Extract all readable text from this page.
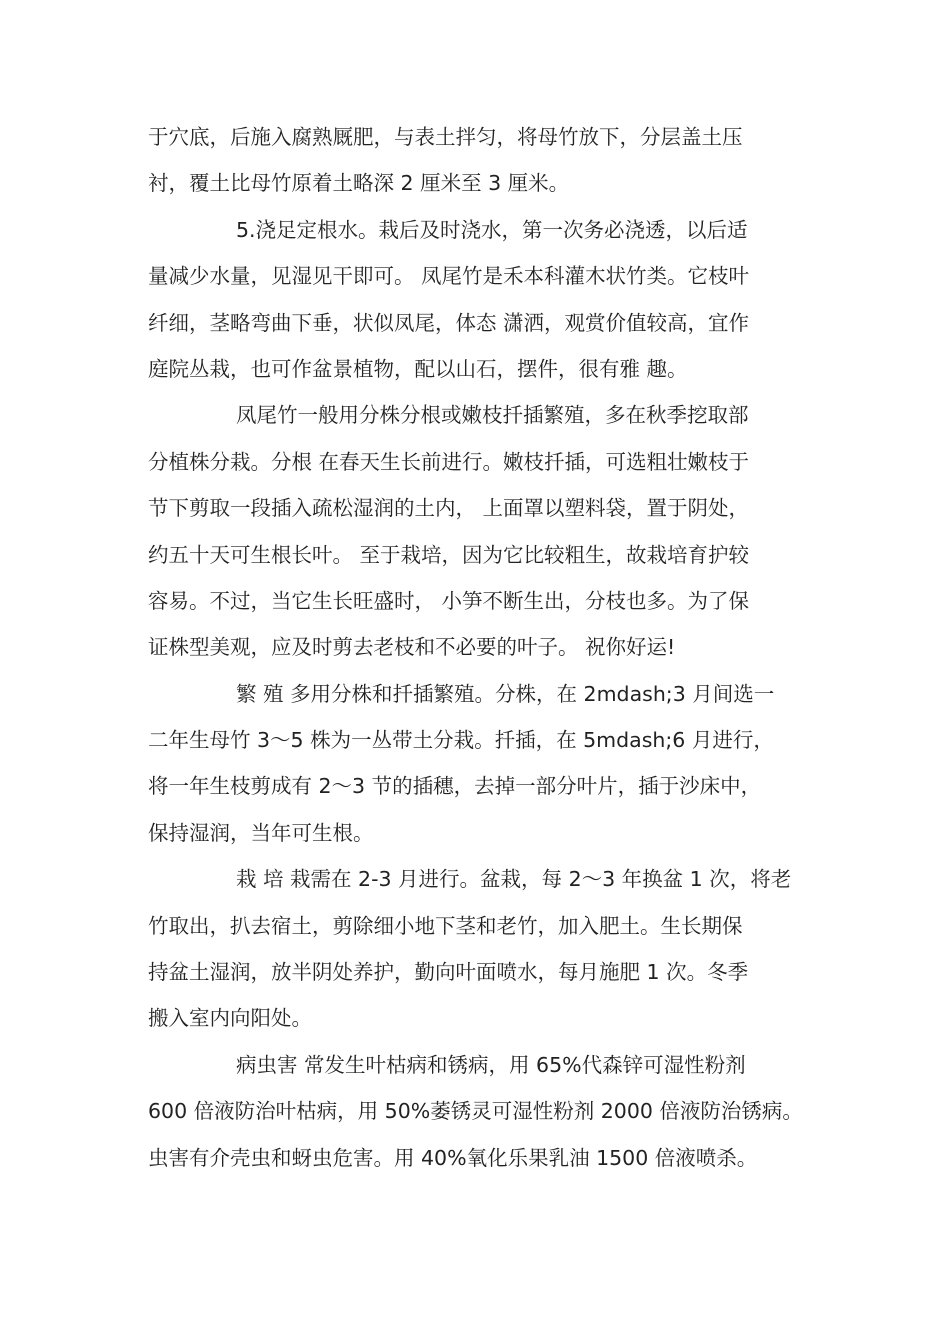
于穴底，后施入腐熟厩肥，与表土拌匀，将母竹放下，分层盖土压
衬，覆土比母竹原着土略深 2 厘米至 3 厘米。

5.浇足定根水。栽后及时浇水，第一次务必浇透，以后适
量减少水量，见湿见干即可。 凤尾竹是禾本科灌木状竹类。它枝叶
纤细，茎略弯曲下垂，状似凤尾，体态 潇洒，观赏价值较高，宜作
庭院丛栽，也可作盆景植物，配以山石，摆件，很有雅 趣。

凤尾竹一般用分株分根或嫩枝扦插繁殖，多在秋季挖取部
分植株分栽。分根 在春天生长前进行。嫩枝扦插，可选粗壮嫩枝于
节下剪取一段插入疏松湿润的土内， 上面罩以塑料袋，置于阴处，
约五十天可生根长叶。 至于栽培，因为它比较粗生，故栽培育护较
容易。不过，当它生长旺盛时， 小笋不断生出，分枝也多。为了保
证株型美观，应及时剪去老枝和不必要的叶子。 祝你好运!

繁 殖 多用分株和扦插繁殖。分株，在 2mdash;3 月间选一
二年生母竹 3～5 株为一丛带土分栽。扦插，在 5mdash;6 月进行，
将一年生枝剪成有 2～3 节的插穗，去掉一部分叶片，插于沙床中，
保持湿润，当年可生根。

栽 培 栽需在 2-3 月进行。盆栽，每 2～3 年换盆 1 次，将老
竹取出，扒去宿土，剪除细小地下茎和老竹，加入肥土。生长期保
持盆土湿润，放半阴处养护，勤向叶面喷水，每月施肥 1 次。冬季
搬入室内向阳处。

病虫害 常发生叶枯病和锈病，用 65%代森锌可湿性粉剂
600 倍液防治叶枯病，用 50%萎锈灵可湿性粉剂 2000 倍液防治锈病。
虫害有介壳虫和蚜虫危害。用 40%氧化乐果乳油 1500 倍液喷杀。
